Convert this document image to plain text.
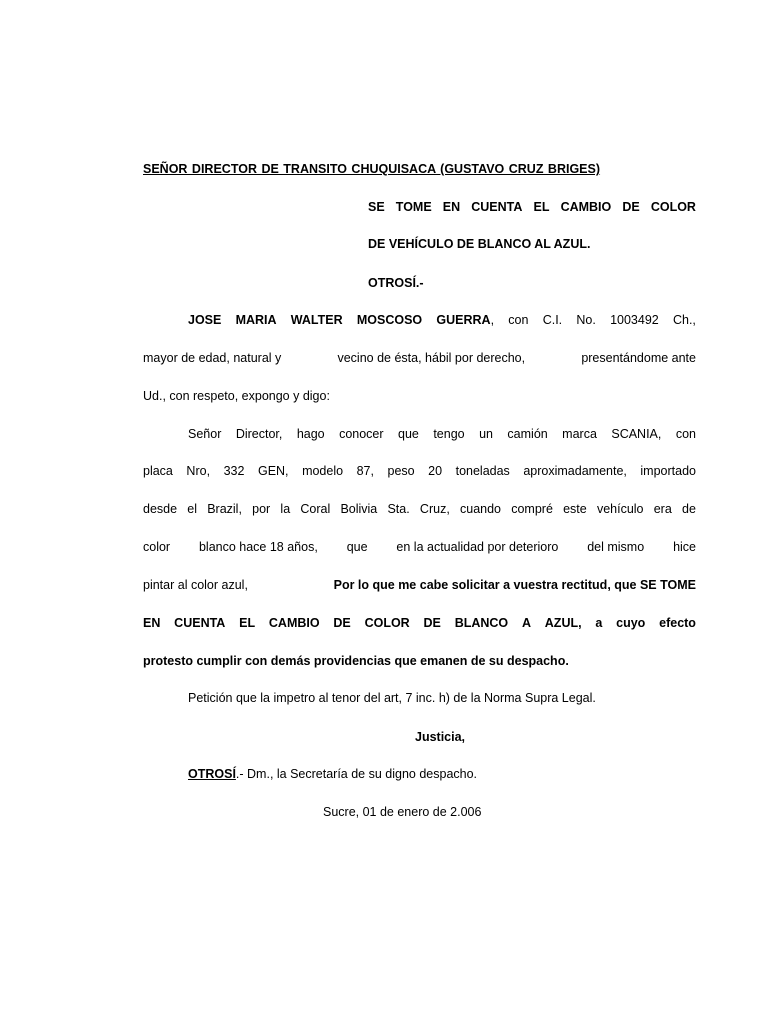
SEÑOR DIRECTOR DE TRANSITO CHUQUISACA (GUSTAVO CRUZ BRIGES)
SE TOME EN CUENTA EL CAMBIO DE COLOR
DE VEHÍCULO DE BLANCO AL AZUL.
OTROSÍ.-
JOSE MARIA WALTER MOSCOSO GUERRA, con C.I. No. 1003492 Ch.,
mayor de edad, natural y	vecino de ésta, hábil por derecho,	presentándome ante
Ud., con respeto, expongo y digo:
Señor Director, hago conocer que tengo un camión marca SCANIA, con
placa Nro, 332 GEN, modelo 87, peso 20 toneladas aproximadamente, importado
desde el Brazil, por la Coral Bolivia Sta. Cruz, cuando compré este vehículo era de
color blanco hace 18 años, que en la actualidad por deterioro del mismo hice
pintar al color azul,	Por lo que me cabe solicitar a vuestra rectitud, que SE TOME
EN CUENTA EL CAMBIO DE COLOR DE BLANCO A AZUL, a cuyo efecto
protesto cumplir con demás providencias que emanen de su despacho.
Petición que la impetro al tenor del art, 7 inc. h) de la Norma Supra Legal.
Justicia,
OTROSÍ.- Dm., la Secretaría de su digno despacho.
Sucre, 01 de enero de 2.006
